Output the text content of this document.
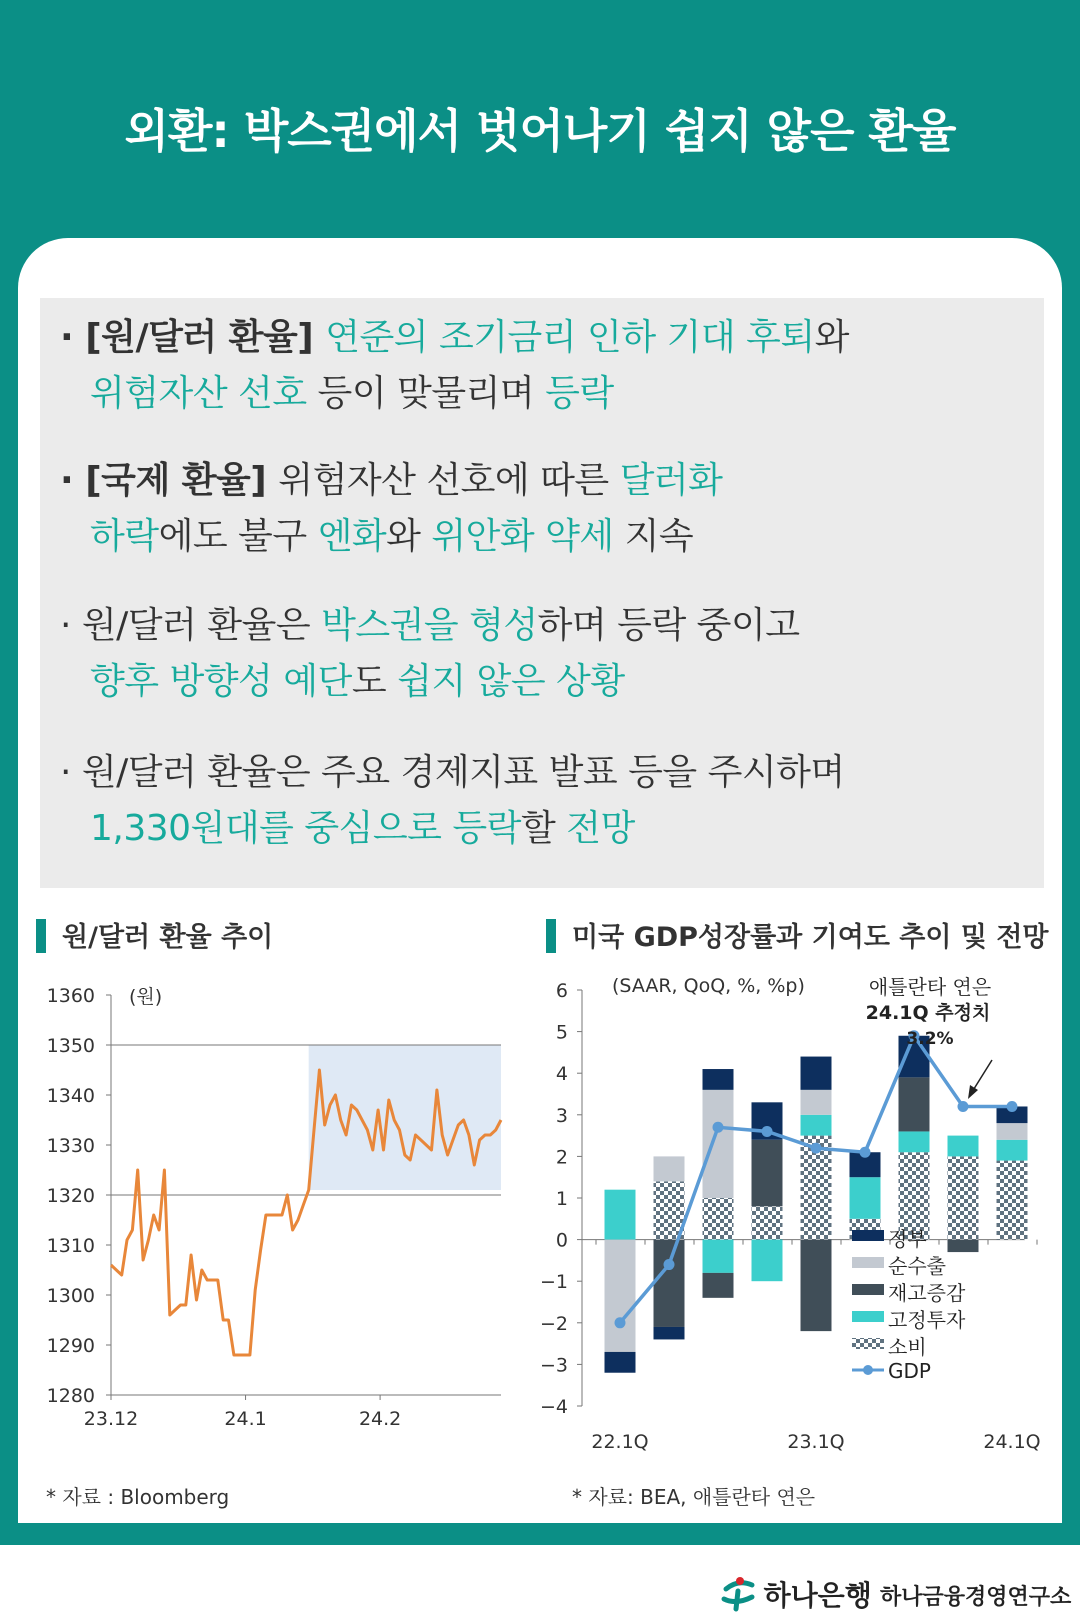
외환: 박스권에서 벗어나기 쉽지 않은 환율
· [원/달러 환율] 연준의 조기금리 인하 기대 후퇴와
위험자산 선호 등이 맞물리며 등락
· [국제 환율] 위험자산 선호에 따른 달러화
하락에도 불구 엔화와 위안화 약세 지속
· 원/달러 환율은 박스권을 형성하며 등락 중이고
향후 방향성 예단도 쉽지 않은 상황
· 원/달러 환율은 주요 경제지표 발표 등을 주시하며
1,330원대를 중심으로 등락할 전망
원/달러 환율 추이	미국 GDP성장률과 기여도 추이 및 전망
1280
1290
1300
1310
1320
1330
1340
1350
1360
23.12	24.1	24.2
(원)
−4
−3
−2
−1
0
1
2
3
4
5
6
22.1Q	23.1Q	24.1Q
(SAAR, QoQ, %, %p)	애틀란타 연은
24.1Q 추정치
3.2%
정부
순수출
재고증감
고정투자
소비
GDP
* 자료 : Bloomberg	* 자료: BEA, 애틀란타 연은
하나은행 하나금융경영연구소
